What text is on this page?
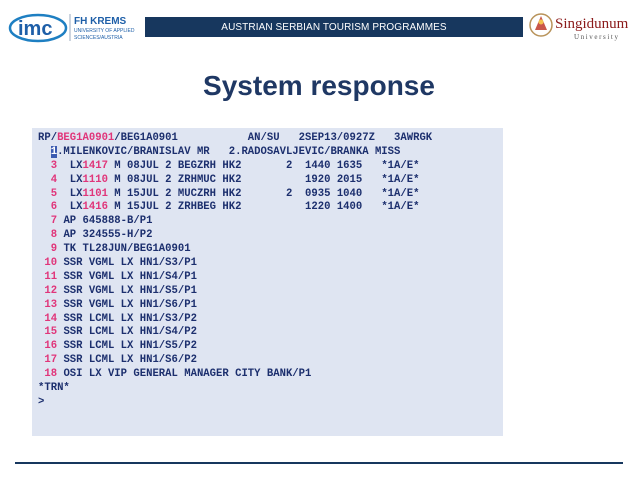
imc FH KREMS
UNIVERSITY OF APPLIED
SCIENCES/AUSTRIA
AUSTRIAN SERBIAN TOURISM PROGRAMMES	Singidunum
University
System response
RP/BEG1A0901/BEG1A0901           AN/SU   2SEP13/0927Z   3AWRGK
1.MILENKOVIC/BRANISLAV MR   2.RADOSAVLJEVIC/BRANKA MISS
3  LX1417 M 08JUL 2 BEGZRH HK2       2  1440 1635   *1A/E*
4  LX1110 M 08JUL 2 ZRHMUC HK2          1920 2015   *1A/E*
5  LX1101 M 15JUL 2 MUCZRH HK2       2  0935 1040   *1A/E*
6  LX1416 M 15JUL 2 ZRHBEG HK2          1220 1400   *1A/E*
7 AP 645888-B/P1
8 AP 324555-H/P2
9 TK TL28JUN/BEG1A0901
10 SSR VGML LX HN1/S3/P1
11 SSR VGML LX HN1/S4/P1
12 SSR VGML LX HN1/S5/P1
13 SSR VGML LX HN1/S6/P1
14 SSR LCML LX HN1/S3/P2
15 SSR LCML LX HN1/S4/P2
16 SSR LCML LX HN1/S5/P2
17 SSR LCML LX HN1/S6/P2
18 OSI LX VIP GENERAL MANAGER CITY BANK/P1
*TRN*
>
